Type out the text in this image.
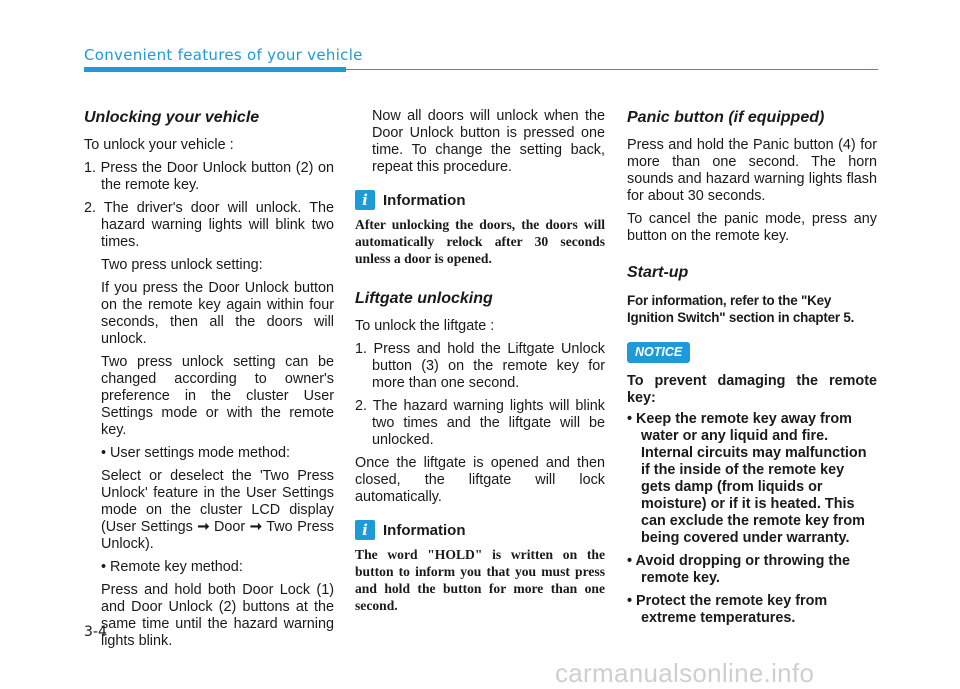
Convenient features of your vehicle
Unlocking your vehicle

To unlock your vehicle :

1. Press the Door Unlock button (2) on the remote key.
2. The driver's door will unlock. The hazard warning lights will blink two times.

Two press unlock setting:

If you press the Door Unlock button on the remote key again within four seconds, then all the doors will unlock.

Two press unlock setting can be changed according to owner's preference in the cluster User Settings mode or with the remote key.

• User settings mode method:

Select or deselect the 'Two Press Unlock' feature in the User Settings mode on the cluster LCD display (User Settings ➞ Door ➞ Two Press Unlock).

• Remote key method:

Press and hold both Door Lock (1) and Door Unlock (2) buttons at the same time until the hazard warning lights blink.

Now all doors will unlock when the Door Unlock button is pressed one time. To change the setting back, repeat this procedure.

i	Information
After unlocking the doors, the doors will automatically relock after 30 seconds unless a door is opened.
Liftgate unlocking

To unlock the liftgate :

1. Press and hold the Liftgate Unlock button (3) on the remote key for more than one second.
2. The hazard warning lights will blink two times and the liftgate will be unlocked.

Once the liftgate is opened and then closed, the liftgate will lock automatically.

i	Information
The word "HOLD" is written on the button to inform you that you must press and hold the button for more than one second.
Panic button (if equipped)

Press and hold the Panic button (4) for more than one second. The horn sounds and hazard warning lights flash for about 30 seconds.

To cancel the panic mode, press any button on the remote key.

Start-up
For information, refer to the "Key Ignition Switch" section in chapter 5.
NOTICE

To prevent damaging the remote key:

• Keep the remote key away from water or any liquid and fire. Internal circuits may malfunction if the inside of the remote key gets damp (from liquids or moisture) or if it is heated. This can exclude the remote key from being covered under warranty.
• Avoid dropping or throwing the remote key.
• Protect the remote key from extreme temperatures.
3-4
carmanualsonline.info
